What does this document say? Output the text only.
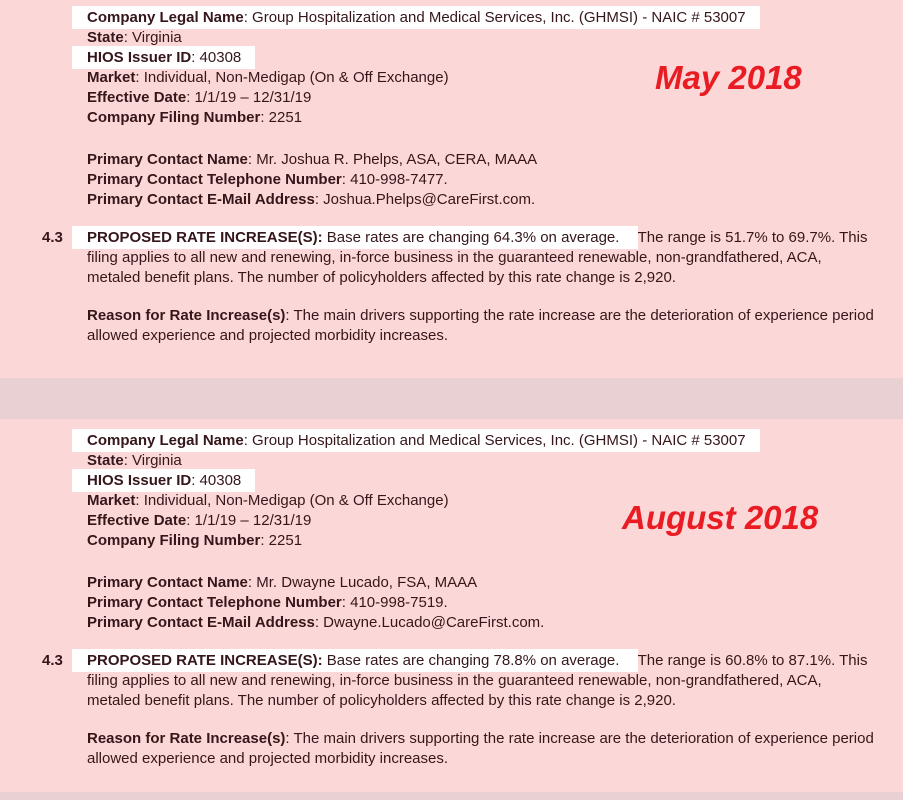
Company Legal Name: Group Hospitalization and Medical Services, Inc. (GHMSI) - NAIC # 53007
State: Virginia
HIOS Issuer ID: 40308
Market: Individual, Non-Medigap (On & Off Exchange)
Effective Date: 1/1/19 – 12/31/19
Company Filing Number: 2251
Primary Contact Name: Mr. Joshua R. Phelps, ASA, CERA, MAAA
Primary Contact Telephone Number: 410-998-7477.
Primary Contact E-Mail Address: Joshua.Phelps@CareFirst.com.
4.3 PROPOSED RATE INCREASE(S): Base rates are changing 64.3% on average. The range is 51.7% to 69.7%. This filing applies to all new and renewing, in-force business in the guaranteed renewable, non-grandfathered, ACA, metaled benefit plans. The number of policyholders affected by this rate change is 2,920.

Reason for Rate Increase(s): The main drivers supporting the rate increase are the deterioration of experience period allowed experience and projected morbidity increases.

May 2018
Company Legal Name: Group Hospitalization and Medical Services, Inc. (GHMSI) - NAIC # 53007
State: Virginia
HIOS Issuer ID: 40308
Market: Individual, Non-Medigap (On & Off Exchange)
Effective Date: 1/1/19 – 12/31/19
Company Filing Number: 2251
Primary Contact Name: Mr. Dwayne Lucado, FSA, MAAA
Primary Contact Telephone Number: 410-998-7519.
Primary Contact E-Mail Address: Dwayne.Lucado@CareFirst.com.
4.3 PROPOSED RATE INCREASE(S): Base rates are changing 78.8% on average. The range is 60.8% to 87.1%. This filing applies to all new and renewing, in-force business in the guaranteed renewable, non-grandfathered, ACA, metaled benefit plans. The number of policyholders affected by this rate change is 2,920.

Reason for Rate Increase(s): The main drivers supporting the rate increase are the deterioration of experience period allowed experience and projected morbidity increases.

August 2018
